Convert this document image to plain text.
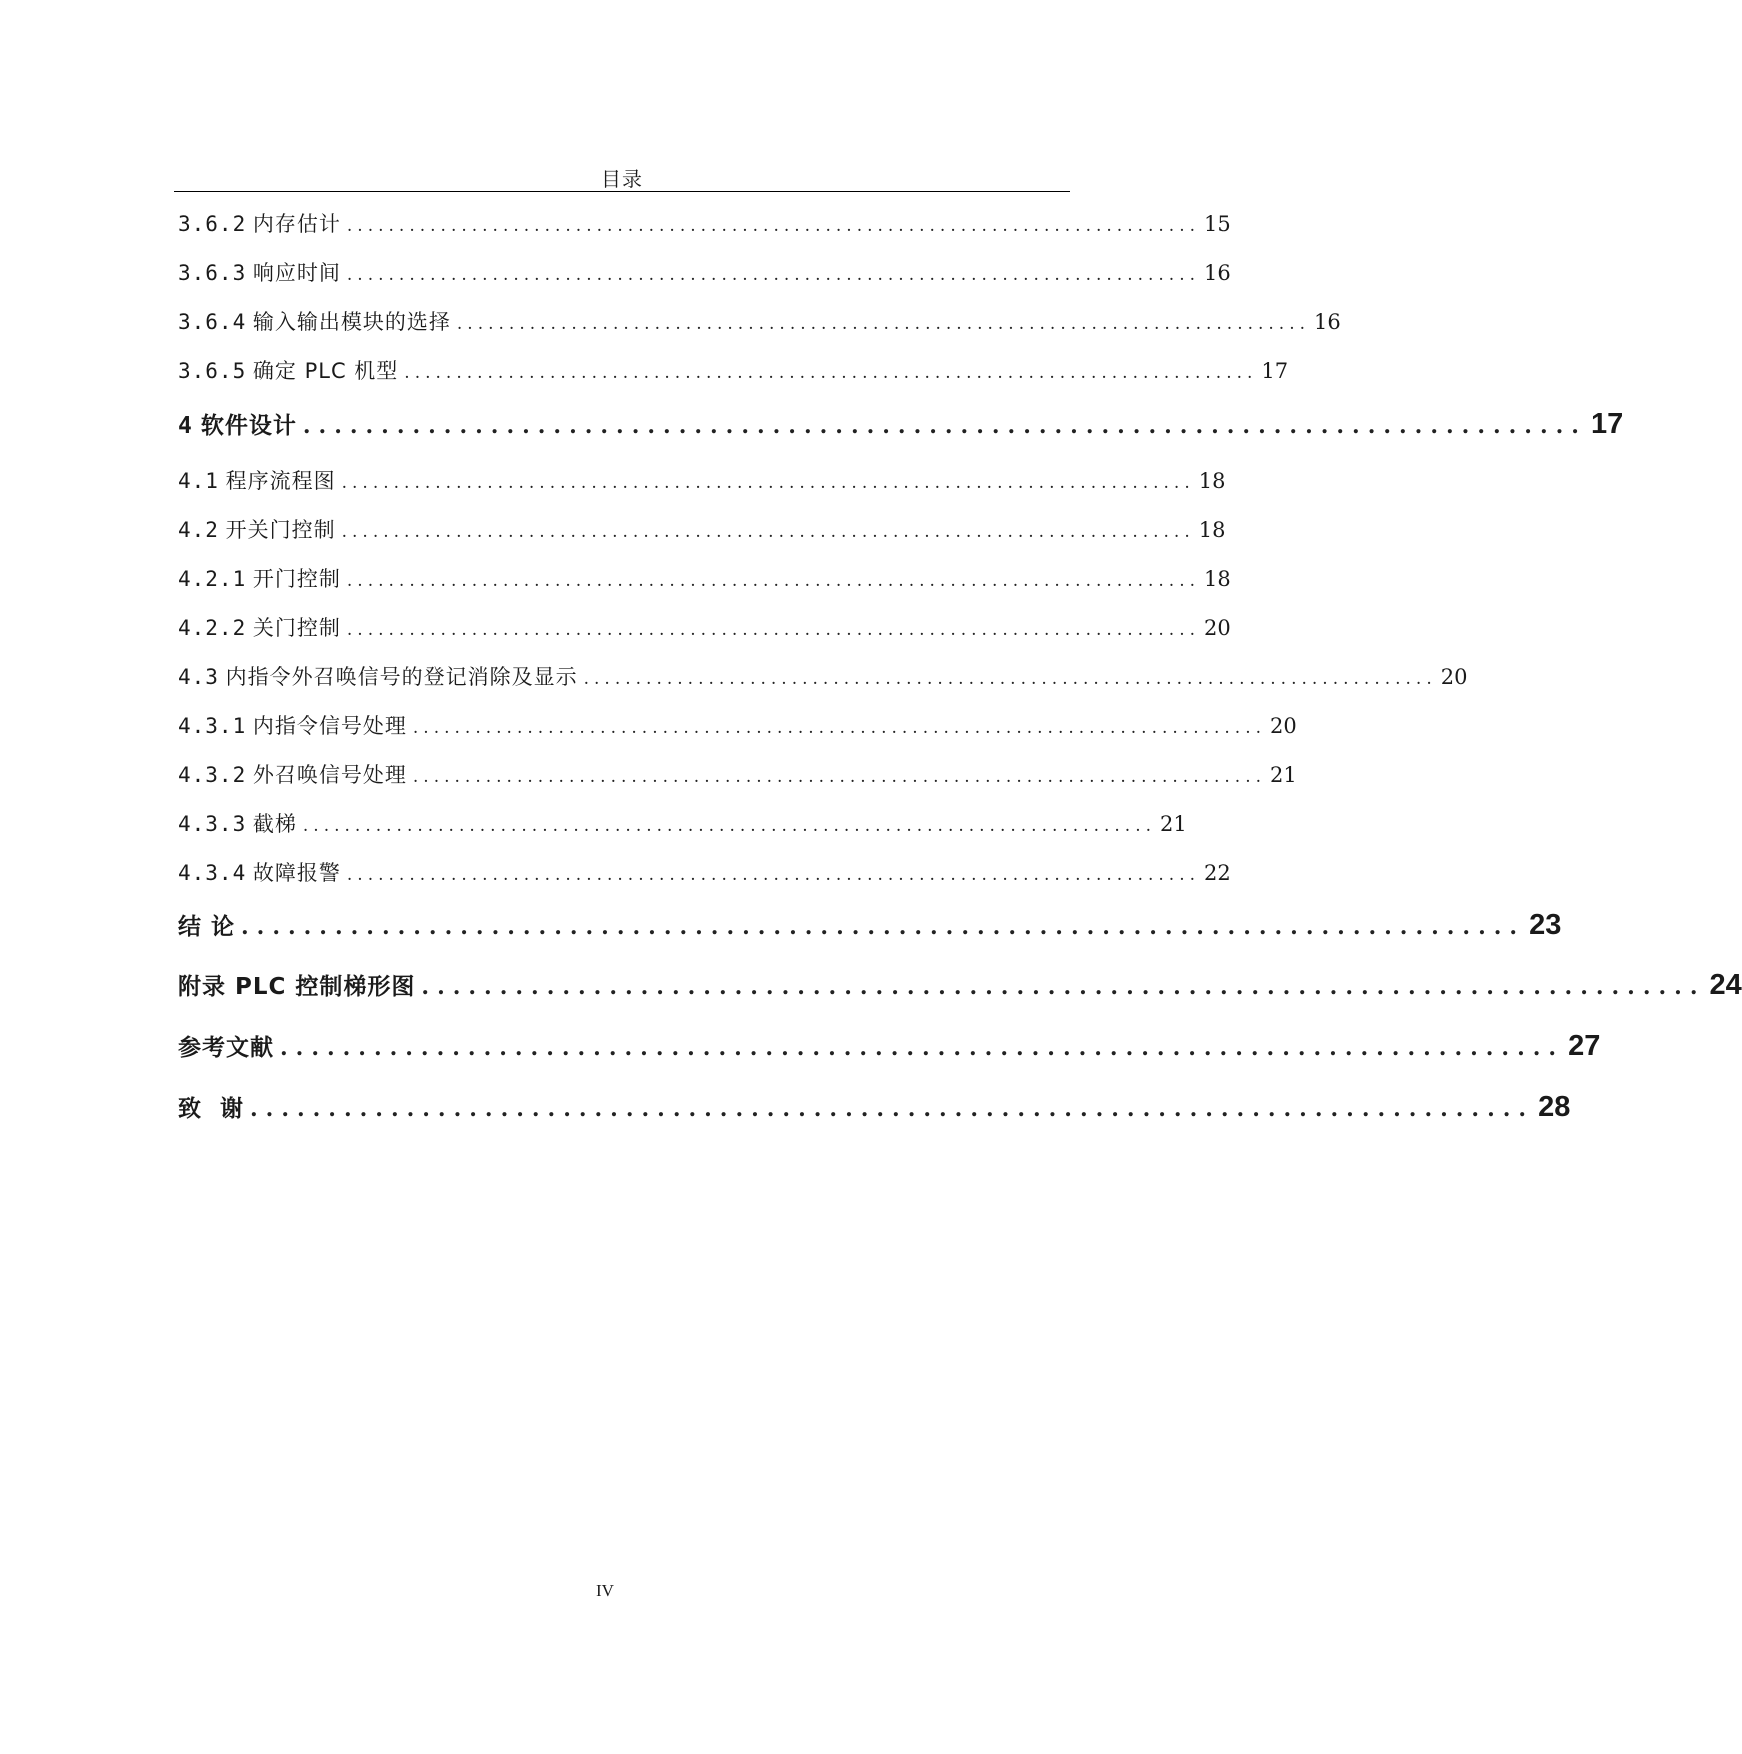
目录
3.6.2
内存估计 .................................................................................. 15
3.6.3
响应时间 .................................................................................. 16
3.6.4
输入输出模块的选择 .................................................................................. 16
3.6.5
确定 PLC 机型 .................................................................................. 17
4
软件设计 .................................................................................. 17
4.1
程序流程图 .................................................................................. 18
4.2
开关门控制 .................................................................................. 18
4.2.1
开门控制 .................................................................................. 18
4.2.2
关门控制 .................................................................................. 20
4.3
内指令外召唤信号的登记消除及显示 .................................................................................. 20
4.3.1
内指令信号处理 .................................................................................. 20
4.3.2
外召唤信号处理 .................................................................................. 21
4.3.3
截梯 .................................................................................. 21
4.3.4
故障报警 .................................................................................. 22
结 论 .................................................................................. 23
附录 PLC 控制梯形图 .................................................................................. 24
参考文献 .................................................................................. 27
致  谢 .................................................................................. 28
IV
